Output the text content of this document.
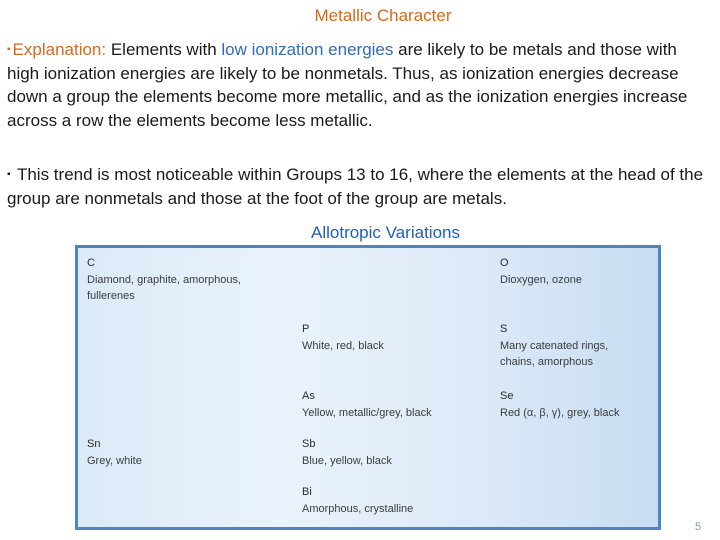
Metallic Character

▪ Explanation: Elements with low ionization energies are likely to be metals and those with high ionization energies are likely to be nonmetals. Thus, as ionization energies decrease down a group the elements become more metallic, and as the ionization energies increase across a row the elements become less metallic.

▪ This trend is most noticeable within Groups 13 to 16, where the elements at the head of the group are nonmetals and those at the foot of the group are metals.

Allotropic Variations
C
Diamond, graphite, amorphous,
fullerenes
O
Dioxygen, ozone
P
White, red, black
S
Many catenated rings,
chains, amorphous
As
Yellow, metallic/grey, black
Se
Red (α, β, γ), grey, black
Sn
Grey, white
Sb
Blue, yellow, black
Bi
Amorphous, crystalline
5
